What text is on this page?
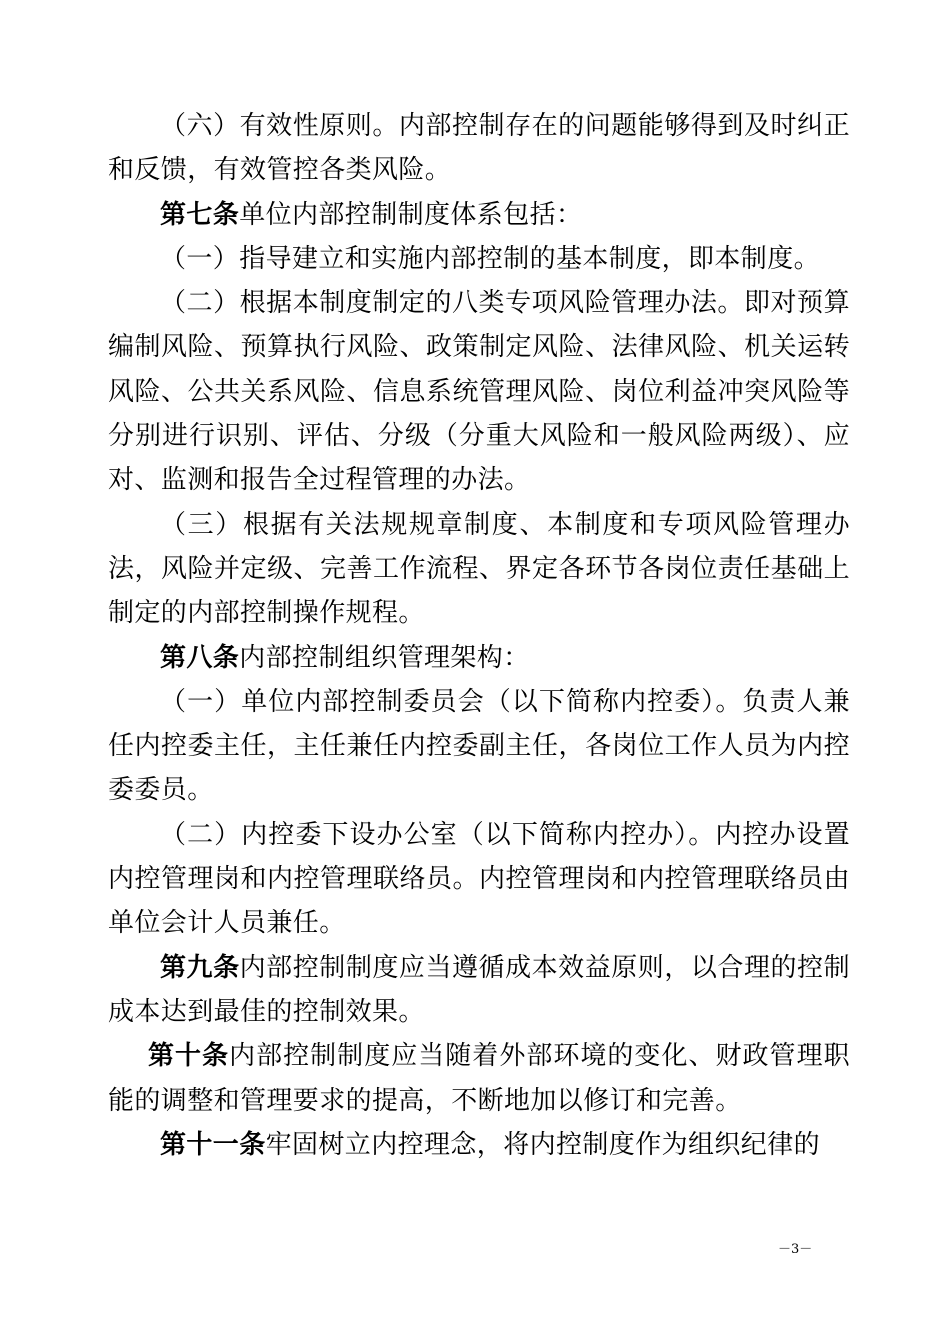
（六）有效性原则。内部控制存在的问题能够得到及时纠正和反馈，有效管控各类风险。

第七条单位内部控制制度体系包括：

（一）指导建立和实施内部控制的基本制度，即本制度。

（二）根据本制度制定的八类专项风险管理办法。即对预算编制风险、预算执行风险、政策制定风险、法律风险、机关运转风险、公共关系风险、信息系统管理风险、岗位利益冲突风险等分别进行识别、评估、分级（分重大风险和一般风险两级）、应对、监测和报告全过程管理的办法。

（三）根据有关法规规章制度、本制度和专项风险管理办法，风险并定级、完善工作流程、界定各环节各岗位责任基础上制定的内部控制操作规程。

第八条内部控制组织管理架构：

（一）单位内部控制委员会（以下简称内控委）。负责人兼任内控委主任，主任兼任内控委副主任，各岗位工作人员为内控委委员。

（二）内控委下设办公室（以下简称内控办）。内控办设置内控管理岗和内控管理联络员。内控管理岗和内控管理联络员由单位会计人员兼任。

第九条内部控制制度应当遵循成本效益原则，以合理的控制成本达到最佳的控制效果。

第十条内部控制制度应当随着外部环境的变化、财政管理职能的调整和管理要求的提高，不断地加以修订和完善。

第十一条牢固树立内控理念，将内控制度作为组织纪律的

－3－
